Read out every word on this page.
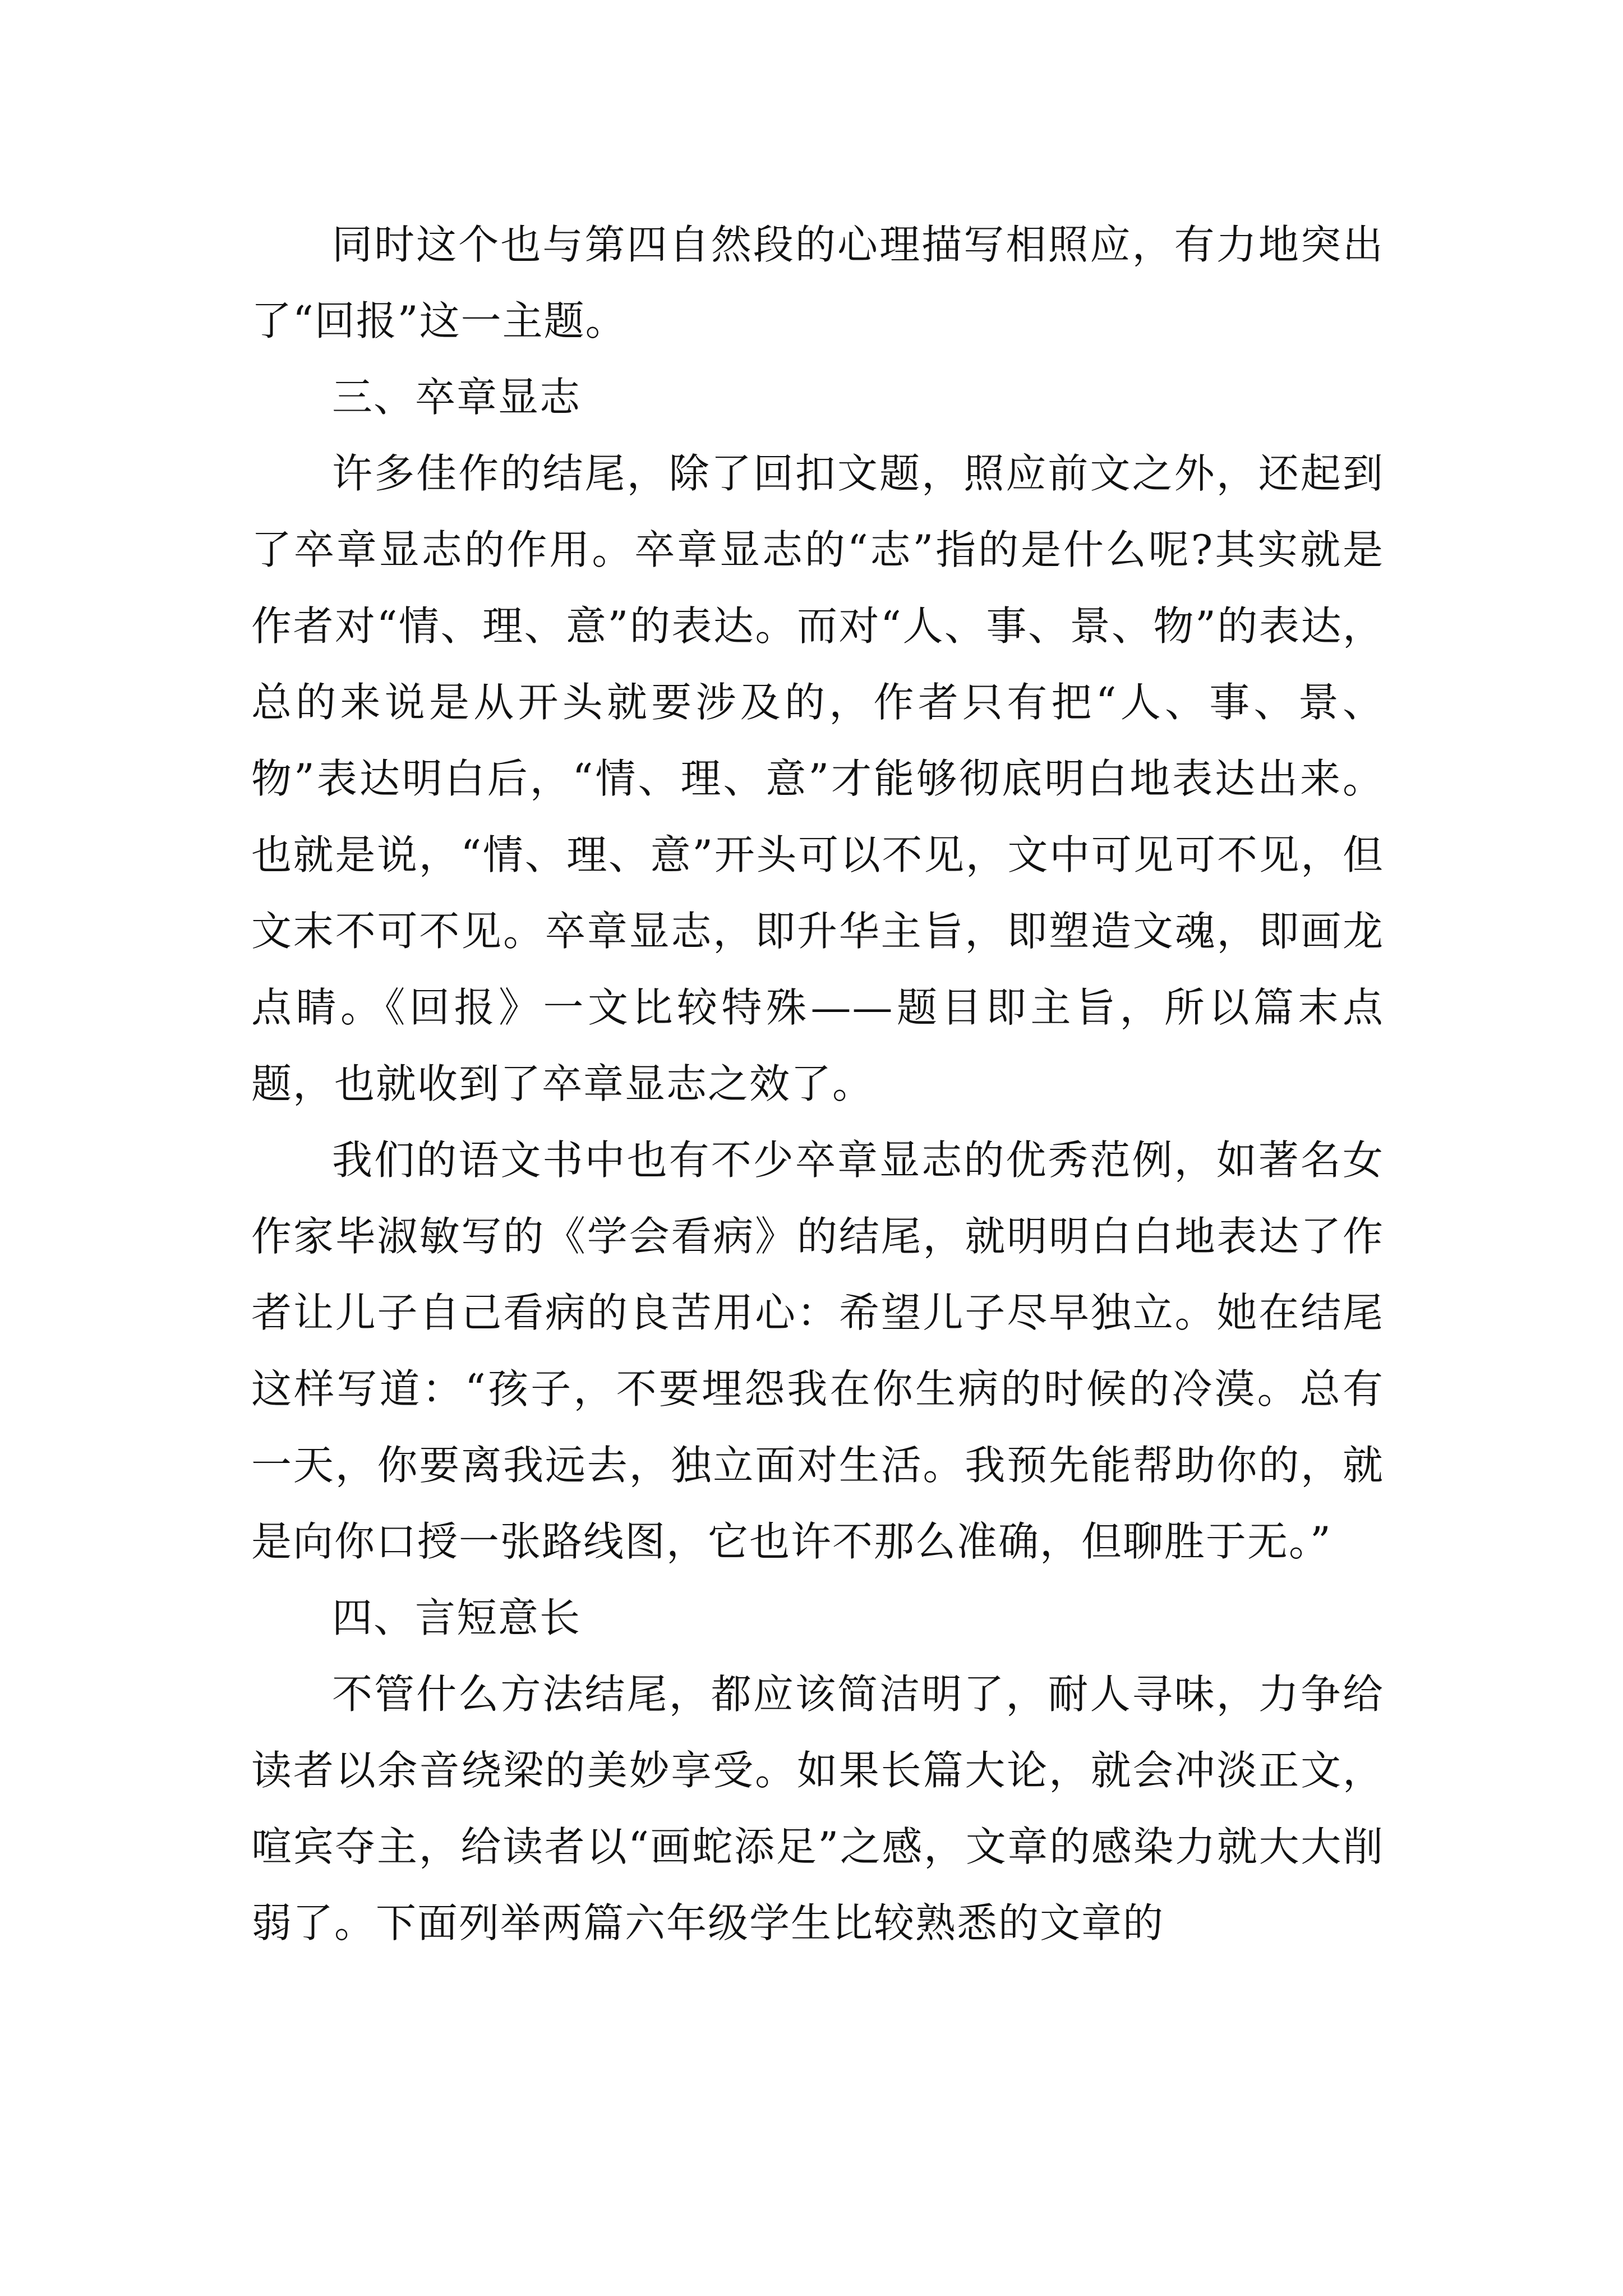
同时这个也与第四自然段的心理描写相照应，有力地突出了“回报”这一主题。

三、卒章显志

许多佳作的结尾，除了回扣文题，照应前文之外，还起到了卒章显志的作用。卒章显志的“志”指的是什么呢?其实就是作者对“情、理、意”的表达。而对“人、事、景、物”的表达，总的来说是从开头就要涉及的，作者只有把“人、事、景、物”表达明白后，“情、理、意”才能够彻底明白地表达出来。也就是说，“情、理、意”开头可以不见，文中可见可不见，但文末不可不见。卒章显志，即升华主旨，即塑造文魂，即画龙点睛。《回报》一文比较特殊——题目即主旨，所以篇末点题，也就收到了卒章显志之效了。

我们的语文书中也有不少卒章显志的优秀范例，如著名女作家毕淑敏写的《学会看病》的结尾，就明明白白地表达了作者让儿子自己看病的良苦用心：希望儿子尽早独立。她在结尾这样写道：“孩子，不要埋怨我在你生病的时候的冷漠。总有一天，你要离我远去，独立面对生活。我预先能帮助你的，就是向你口授一张路线图，它也许不那么准确，但聊胜于无。”

四、言短意长

不管什么方法结尾，都应该简洁明了，耐人寻味，力争给读者以余音绕梁的美妙享受。如果长篇大论，就会冲淡正文，喧宾夺主，给读者以“画蛇添足”之感，文章的感染力就大大削弱了。下面列举两篇六年级学生比较熟悉的文章的
